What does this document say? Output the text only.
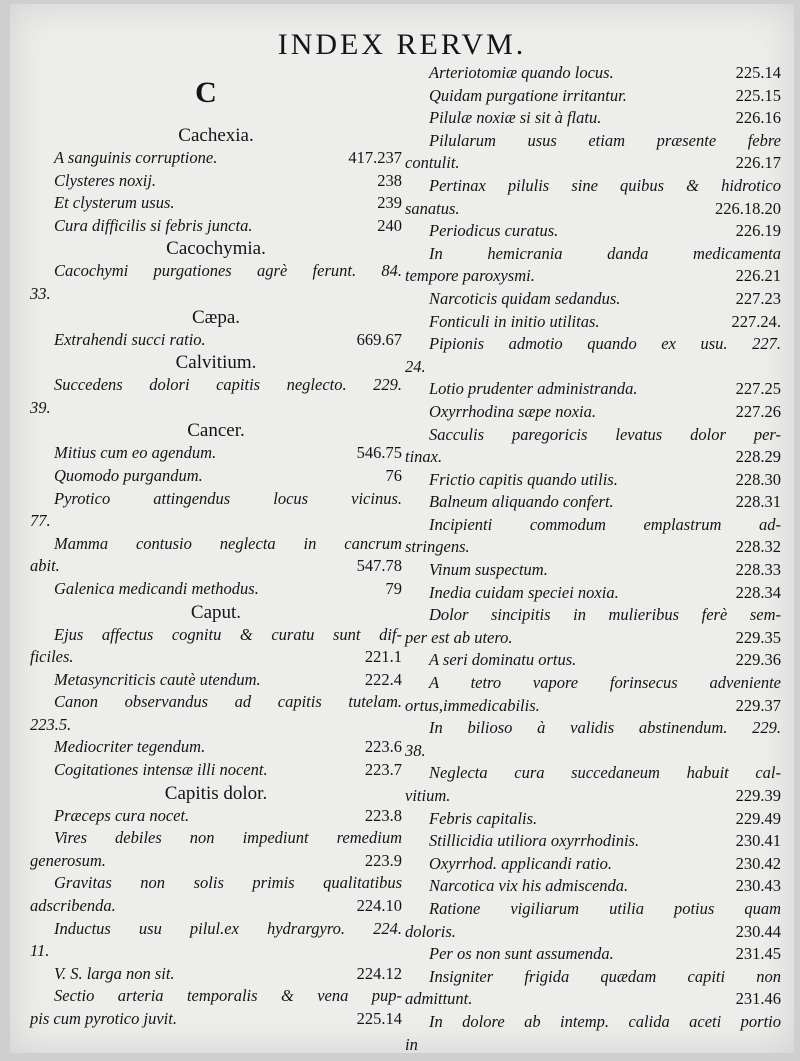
INDEX RERVM.
C
Cachexia.
A sanguinis corruptione.	417.237
Clysteres noxij.	238
Et clysterum usus.	239
Cura difficilis si febris juncta.	240
Cacochymia.
Cacochymi purgationes agrè ferunt. 84.
33.
Cæpa.
Extrahendi succi ratio.	669.67
Calvitium.
Succedens dolori capitis neglecto. 229.
39.
Cancer.
Mitius cum eo agendum.	546.75
Quomodo purgandum.	76
Pyrotico attingendus locus vicinus.
77.
Mamma contusio neglecta in cancrum
abit.	547.78
Galenica medicandi methodus.	79
Caput.
Ejus affectus cognitu & curatu sunt dif-
ficiles.	221.1
Metasyncriticis cautè utendum.	222.4
Canon observandus ad capitis tutelam.
223.5.
Mediocriter tegendum.	223.6
Cogitationes intensæ illi nocent.	223.7
Capitis dolor.
Præceps cura nocet.	223.8
Vires debiles non impediunt remedium
generosum.	223.9
Gravitas non solis primis qualitatibus
adscribenda.	224.10
Inductus usu pilul.ex hydrargyro. 224.
11.
V. S. larga non sit.	224.12
Sectio arteria temporalis & vena pup-
pis cum pyrotico juvit.	225.14
Arteriotomiæ quando locus.	225.14
Quidam purgatione irritantur.	225.15
Pilulæ noxiæ si sit à flatu.	226.16
Pilularum usus etiam præsente febre
contulit.	226.17
Pertinax pilulis sine quibus & hidrotico
sanatus.	226.18.20
Periodicus curatus.	226.19
In hemicrania danda medicamenta
tempore paroxysmi.	226.21
Narcoticis quidam sedandus.	227.23
Fonticuli in initio utilitas.	227.24.
Pipionis admotio quando ex usu. 227.
24.
Lotio prudenter administranda.	227.25
Oxyrrhodina sæpe noxia.	227.26
Sacculis paregoricis levatus dolor per-
tinax.	228.29
Frictio capitis quando utilis.	228.30
Balneum aliquando confert.	228.31
Incipienti commodum emplastrum ad-
stringens.	228.32
Vinum suspectum.	228.33
Inedia cuidam speciei noxia.	228.34
Dolor sincipitis in mulieribus ferè sem-
per est ab utero.	229.35
A seri dominatu ortus.	229.36
A tetro vapore forinsecus adveniente
ortus,immedicabilis.	229.37
In bilioso à validis abstinendum. 229.
38.
Neglecta cura succedaneum habuit cal-
vitium.	229.39
Febris capitalis.	229.49
Stillicidia utiliora oxyrrhodinis.	230.41
Oxyrrhod. applicandi ratio.	230.42
Narcotica vix his admiscenda.	230.43
Ratione vigiliarum utilia potius quam
doloris.	230.44
Per os non sunt assumenda.	231.45
Insigniter frigida quædam capiti non
admittunt.	231.46
In dolore ab intemp. calida aceti portio
in
